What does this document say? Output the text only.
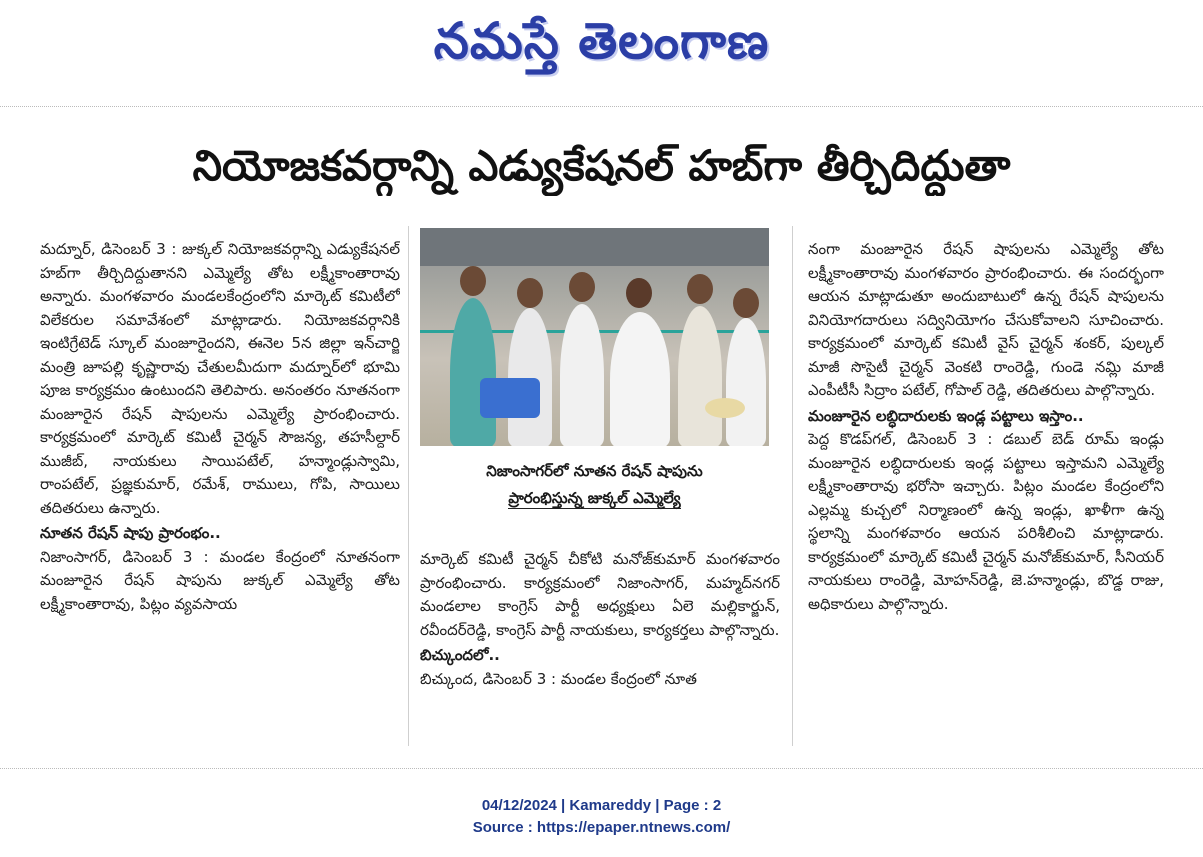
నమస్తే తెలంగాణ
నియోజకవర్గాన్ని ఎడ్యుకేషనల్ హబ్‌గా తీర్చిదిద్దుతా

మద్నూర్, డిసెంబర్ 3 : జుక్కల్ నియోజకవర్గాన్ని ఎడ్యుకేషనల్ హబ్‌గా తీర్చిదిద్దుతానని ఎమ్మెల్యే తోట లక్ష్మీకాంతారావు అన్నారు. మంగళవారం మండలకేంద్రంలోని మార్కెట్ కమిటీలో విలేకరుల సమావేశంలో మాట్లాడారు. నియోజకవర్గానికి ఇంటిగ్రేటెడ్ స్కూల్ మంజూరైందని, ఈనెల 5న జిల్లా ఇన్‌చార్జి మంత్రి జూపల్లి కృష్ణారావు చేతులమీదుగా మద్నూర్‌లో భూమి పూజ కార్యక్రమం ఉంటుందని తెలిపారు. అనంతరం నూతనంగా మంజూరైన రేషన్ షాపులను ఎమ్మెల్యే ప్రారంభించారు. కార్యక్రమంలో మార్కెట్ కమిటీ చైర్మన్ సౌజన్య, తహసీల్దార్ ముజీబ్, నాయకులు సాయిపటేల్, హన్మాండ్లుస్వామి, రాంపటేల్, ప్రజ్ఞకుమార్, రమేశ్, రాములు, గోపి, సాయిలు తదితరులు ఉన్నారు.

నూతన రేషన్ షాపు ప్రారంభం..

నిజాంసాగర్, డిసెంబర్ 3 : మండల కేంద్రంలో నూతనంగా మంజూరైన రేషన్ షాపును జుక్కల్ ఎమ్మెల్యే తోట లక్ష్మీకాంతారావు, పిట్లం వ్యవసాయ

నిజాంసాగర్‌లో నూతన రేషన్ షాపును
ప్రారంభిస్తున్న జుక్కల్ ఎమ్మెల్యే

మార్కెట్ కమిటీ చైర్మన్ చీకోటి మనోజ్‌కుమార్ మంగళవారం ప్రారంభించారు. కార్యక్రమంలో నిజాంసాగర్, మహ్మద్‌నగర్ మండలాల కాంగ్రెస్ పార్టీ అధ్యక్షులు ఏలె మల్లికార్జున్, రవీందర్‌రెడ్డి, కాంగ్రెస్ పార్టీ నాయకులు, కార్యకర్తలు పాల్గొన్నారు.

బిచ్కుందలో..

బిచ్కుంద, డిసెంబర్ 3 : మండల కేంద్రంలో నూత

నంగా మంజూరైన రేషన్ షాపులను ఎమ్మెల్యే తోట లక్ష్మీకాంతారావు మంగళవారం ప్రారంభించారు. ఈ సందర్భంగా ఆయన మాట్లాడుతూ అందుబాటులో ఉన్న రేషన్ షాపులను వినియోగదారులు సద్వినియోగం చేసుకోవాలని సూచించారు. కార్యక్రమంలో మార్కెట్ కమిటీ వైస్ చైర్మన్ శంకర్, పుల్కల్ మాజీ సొసైటీ చైర్మన్ వెంకటి రాంరెడ్డి, గుండె నమ్లి మాజీ ఎంపీటీసీ సిద్రాం పటేల్, గోపాల్ రెడ్డి, తదితరులు పాల్గొన్నారు.

మంజూరైన లబ్ధిదారులకు ఇండ్ల పట్టాలు ఇస్తాం..

పెద్ద కొడప్‌గల్, డిసెంబర్ 3 : డబుల్ బెడ్ రూమ్ ఇండ్లు మంజూరైన లబ్ధిదారులకు ఇండ్ల పట్టాలు ఇస్తామని ఎమ్మెల్యే లక్ష్మీకాంతారావు భరోసా ఇచ్చారు. పిట్లం మండల కేంద్రంలోని ఎల్లమ్మ కుచ్చలో నిర్మాణంలో ఉన్న ఇండ్లు, ఖాళీగా ఉన్న స్థలాన్ని మంగళవారం ఆయన పరిశీలించి మాట్లాడారు. కార్యక్రమంలో మార్కెట్ కమిటీ చైర్మన్ మనోజ్‌కుమార్, సీనియర్ నాయకులు రాంరెడ్డి, మోహన్‌రెడ్డి, జె.హన్మాండ్లు, బొడ్డ రాజు, అధికారులు పాల్గొన్నారు.

04/12/2024 | Kamareddy | Page : 2
Source : https://epaper.ntnews.com/
